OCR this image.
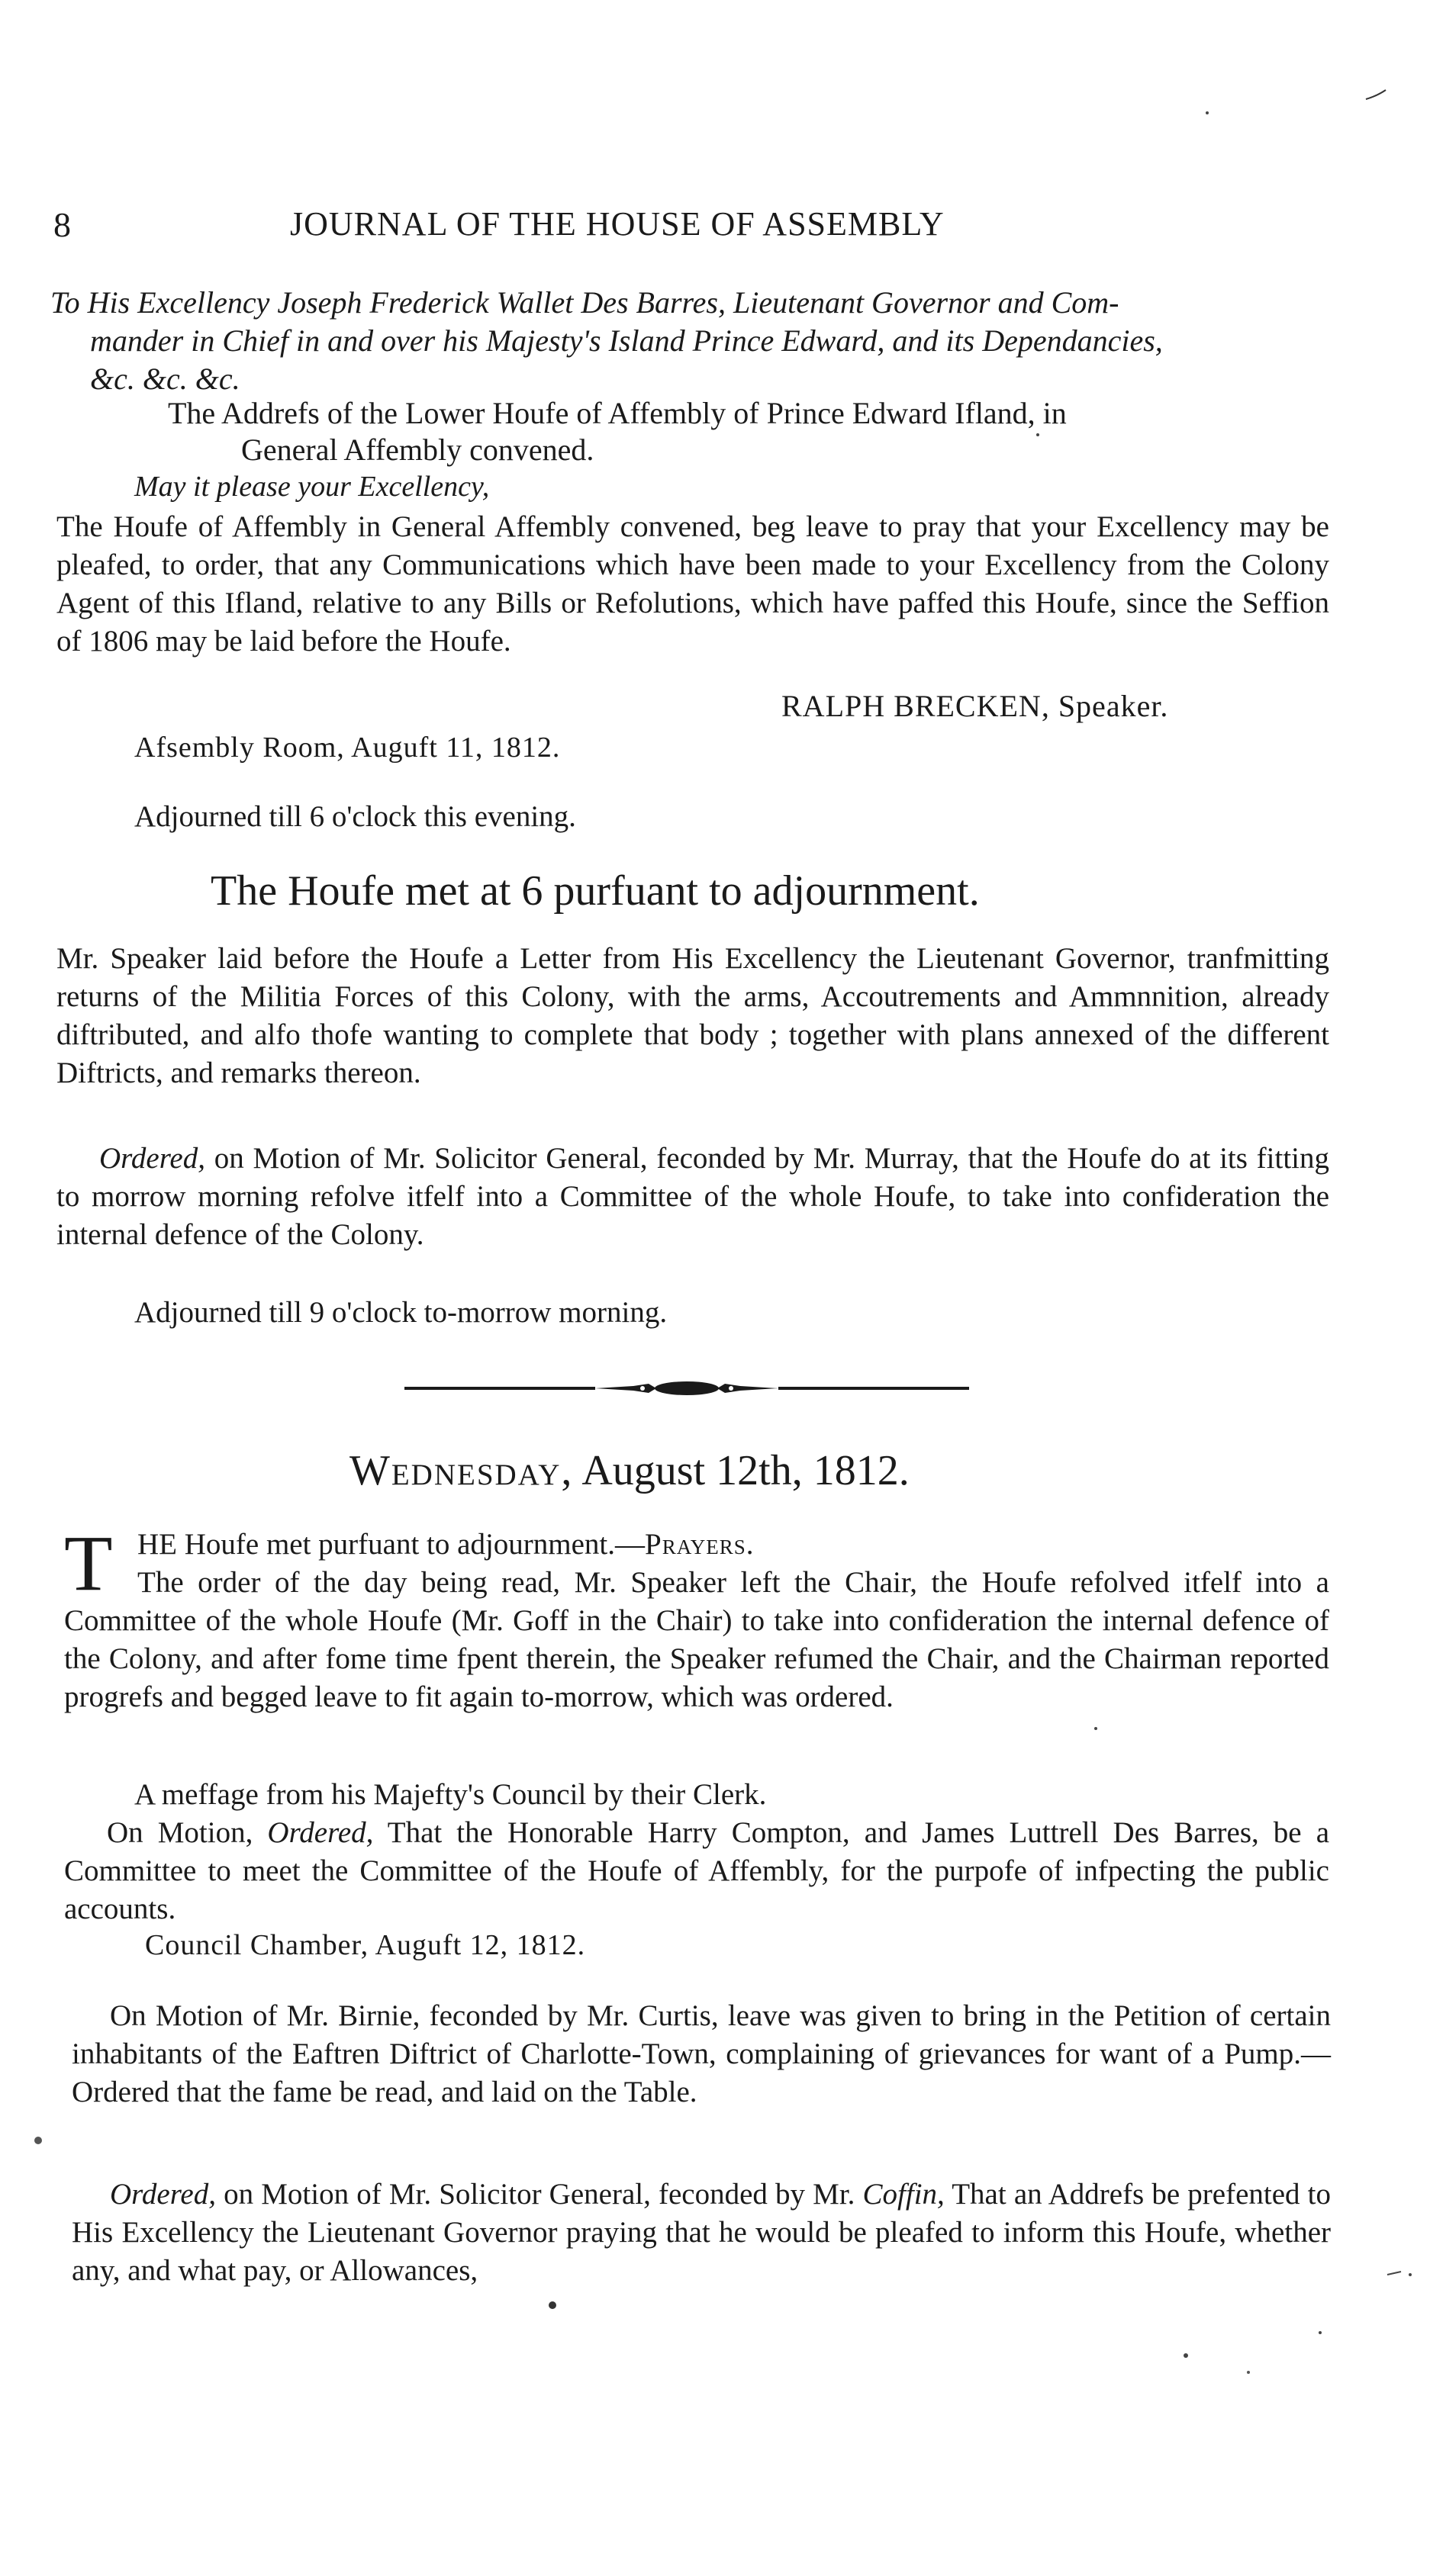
8	JOURNAL OF THE HOUSE OF ASSEMBLY

To His Excellency Joseph Frederick Wallet Des Barres, Lieutenant Governor and Com-
mander in Chief in and over his Majesty's Island Prince Edward, and its Dependancies,
&c. &c. &c.

The Addrefs of the Lower Houfe of Affembly of Prince Edward Ifland, in
General Affembly convened.

May it please your Excellency,

The Houfe of Affembly in General Affembly convened, beg leave to pray that your Excellency may be pleafed, to order, that any Communications which have been made to your Excellency from the Colony Agent of this Ifland, relative to any Bills or Refolutions, which have paffed this Houfe, since the Seffion of 1806 may be laid before the Houfe.

RALPH BRECKEN, Speaker.

Afsembly Room, Auguft 11, 1812.

Adjourned till 6 o'clock this evening.

The Houfe met at 6 purfuant to adjournment.

Mr. Speaker laid before the Houfe a Letter from His Excellency the Lieutenant Governor, tranfmitting returns of the Militia Forces of this Colony, with the arms, Accoutrements and Ammnnition, already diftributed, and alfo thofe wanting to complete that body ; together with plans annexed of the different Diftricts, and remarks thereon.

Ordered, on Motion of Mr. Solicitor General, feconded by Mr. Murray, that the Houfe do at its fitting to morrow morning refolve itfelf into a Committee of the whole Houfe, to take into confideration the internal defence of the Colony.

Adjourned till 9 o'clock to-morrow morning.

Wednesday, August 12th, 1812.

T HE Houfe met purfuant to adjournment.—Prayers.
The order of the day being read, Mr. Speaker left the Chair, the Houfe refolved itfelf into a Committee of the whole Houfe (Mr. Goff in the Chair) to take into confideration the internal defence of the Colony, and after fome time fpent therein, the Speaker refumed the Chair, and the Chairman reported progrefs and begged leave to fit again to-morrow, which was ordered.

A meffage from his Majefty's Council by their Clerk.

On Motion, Ordered, That the Honorable Harry Compton, and James Luttrell Des Barres, be a Committee to meet the Committee of the Houfe of Affembly, for the purpofe of infpecting the public accounts.

Council Chamber, Auguft 12, 1812.

On Motion of Mr. Birnie, feconded by Mr. Curtis, leave was given to bring in the Petition of certain inhabitants of the Eaftren Diftrict of Charlotte-Town, complaining of grievances for want of a Pump.—Ordered that the fame be read, and laid on the Table.

Ordered, on Motion of Mr. Solicitor General, feconded by Mr. Coffin, That an Addrefs be prefented to His Excellency the Lieutenant Governor praying that he would be pleafed to inform this Houfe, whether any, and what pay, or Allowances,
